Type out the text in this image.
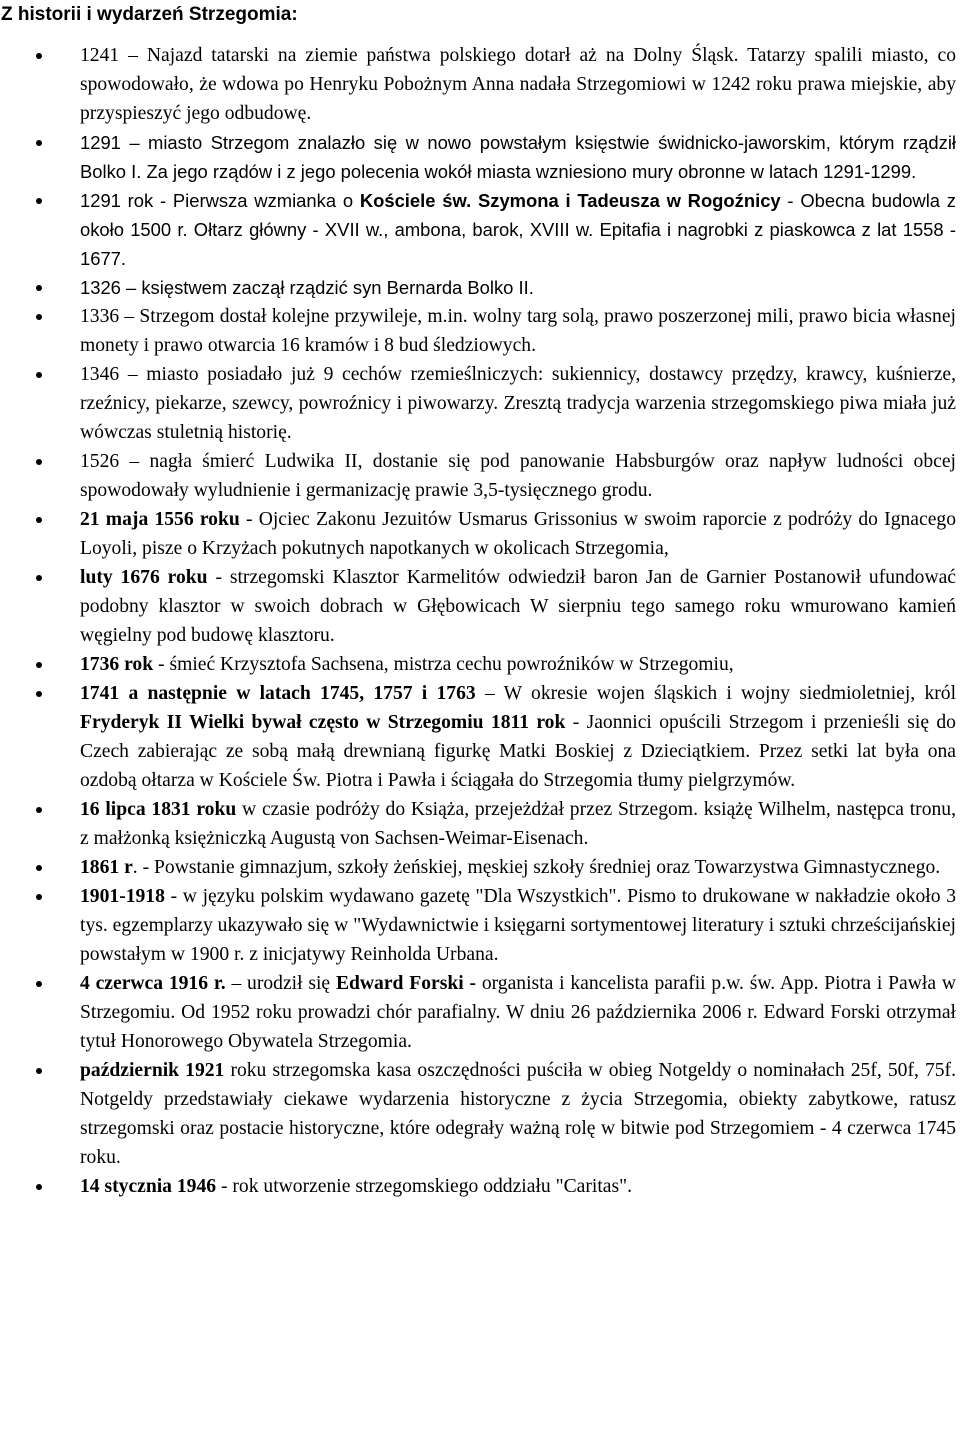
Z historii i wydarzeń Strzegomia:
1241 – Najazd tatarski na ziemie państwa polskiego dotarł aż na Dolny Śląsk. Tatarzy spalili miasto, co spowodowało, że wdowa po Henryku Pobożnym Anna nadała Strzegomiowi w 1242 roku prawa miejskie, aby przyspieszyć jego odbudowę.
1291 – miasto Strzegom znalazło się w nowo powstałym księstwie świdnicko-jaworskim, którym rządził Bolko I. Za jego rządów i z jego polecenia wokół miasta wzniesiono mury obronne w latach 1291-1299.
1291 rok - Pierwsza wzmianka o Kościele św. Szymona i Tadeusza w Rogoźnicy - Obecna budowla z około 1500 r. Ołtarz główny - XVII w., ambona, barok, XVIII w. Epitafia i nagrobki z piaskowca z lat 1558 - 1677.
1326 – księstwem zaczął rządzić syn Bernarda Bolko II.
1336 – Strzegom dostał kolejne przywileje, m.in. wolny targ solą, prawo poszerzonej mili, prawo bicia własnej monety i prawo otwarcia 16 kramów i 8 bud śledziowych.
1346 – miasto posiadało już 9 cechów rzemieślniczych: sukiennicy, dostawcy przędzy, krawcy, kuśnierze, rzeźnicy, piekarze, szewcy, powroźnicy i piwowarzy. Zresztą tradycja warzenia strzegomskiego piwa miała już wówczas stuletnią historię.
1526 – nagła śmierć Ludwika II, dostanie się pod panowanie Habsburgów oraz napływ ludności obcej spowodowały wyludnienie i germanizację prawie 3,5-tysięcznego grodu.
21 maja 1556 roku - Ojciec Zakonu Jezuitów Usmarus Grissonius w swoim raporcie z podróży do Ignacego Loyoli, pisze o Krzyżach pokutnych napotkanych w okolicach Strzegomia,
luty 1676 roku - strzegomski Klasztor Karmelitów odwiedził baron Jan de Garnier Postanowił ufundować podobny klasztor w swoich dobrach w Głębowicach W sierpniu tego samego roku wmurowano kamień węgielny pod budowę klasztoru.
1736 rok - śmieć Krzysztofa Sachsena, mistrza cechu powroźników w Strzegomiu,
1741 a następnie w latach 1745, 1757 i 1763 – W okresie wojen śląskich i wojny siedmioletniej, król Fryderyk II Wielki bywał często w Strzegomiu 1811 rok - Jaonnici opuścili Strzegom i przenieśli się do Czech zabierając ze sobą małą drewnianą figurkę Matki Boskiej z Dzieciątkiem. Przez setki lat była ona ozdobą ołtarza w Kościele Św. Piotra i Pawła i ściągała do Strzegomia tłumy pielgrzymów.
16 lipca 1831 roku w czasie podróży do Książa, przejeżdżał przez Strzegom. książę Wilhelm, następca tronu, z małżonką księżniczką Augustą von Sachsen-Weimar-Eisenach.
1861 r. - Powstanie gimnazjum, szkoły żeńskiej, męskiej szkoły średniej oraz Towarzystwa Gimnastycznego.
1901-1918 - w języku polskim wydawano gazetę "Dla Wszystkich". Pismo to drukowane w nakładzie około 3 tys. egzemplarzy ukazywało się w "Wydawnictwie i księgarni sortymentowej literatury i sztuki chrześcijańskiej powstałym w 1900 r. z inicjatywy Reinholda Urbana.
4 czerwca 1916 r. – urodził się Edward Forski - organista i kancelista parafii p.w. św. App. Piotra i Pawła w Strzegomiu. Od 1952 roku prowadzi chór parafialny. W dniu 26 października 2006 r. Edward Forski otrzymał tytuł Honorowego Obywatela Strzegomia.
październik 1921 roku strzegomska kasa oszczędności puściła w obieg Notgeldy o nominałach 25f, 50f, 75f. Notgeldy przedstawiały ciekawe wydarzenia historyczne z życia Strzegomia, obiekty zabytkowe, ratusz strzegomski oraz postacie historyczne, które odegrały ważną rolę w bitwie pod Strzegomiem - 4 czerwca 1745 roku.
14 stycznia 1946 - rok utworzenie strzegomskiego oddziału "Caritas".
